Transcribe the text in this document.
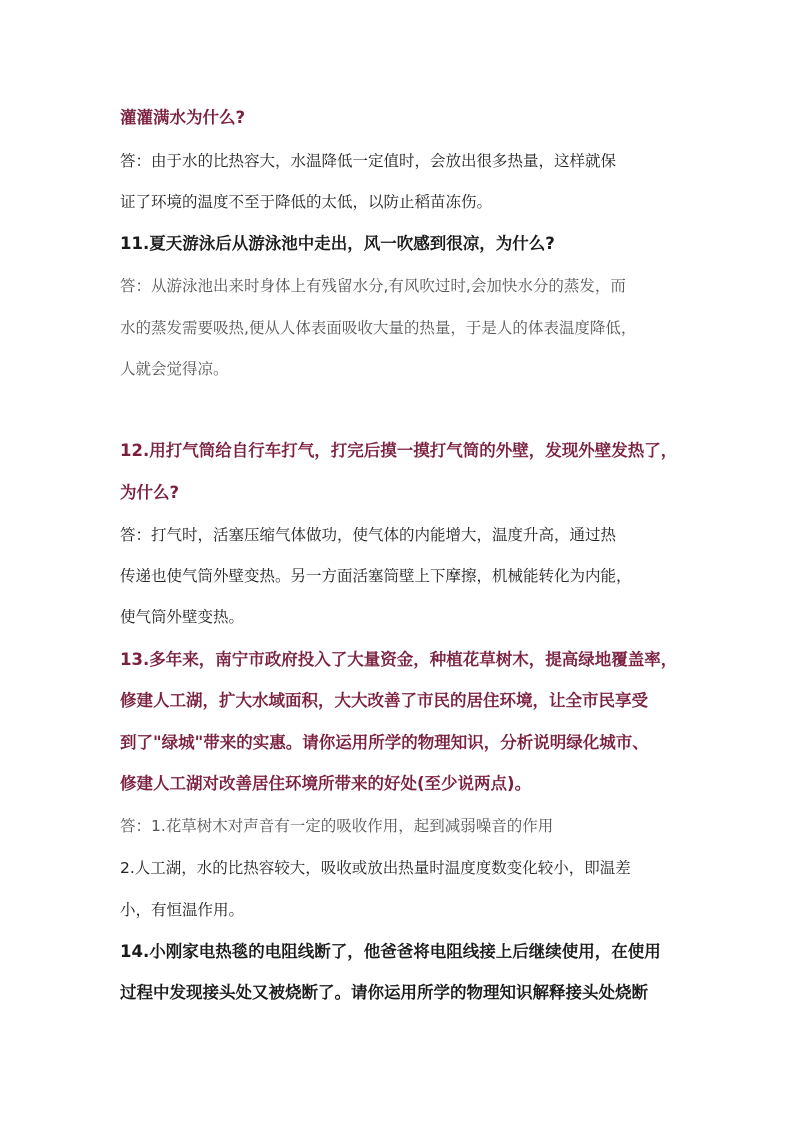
灌灌满水为什么?
答：由于水的比热容大，水温降低一定值时，会放出很多热量，这样就保
证了环境的温度不至于降低的太低，以防止稻苗冻伤。
11.夏天游泳后从游泳池中走出，风一吹感到很凉，为什么?
答：从游泳池出来时身体上有残留水分,有风吹过时,会加快水分的蒸发，而
水的蒸发需要吸热,便从人体表面吸收大量的热量，于是人的体表温度降低，
人就会觉得凉。
12.用打气筒给自行车打气，打完后摸一摸打气筒的外壁，发现外壁发热了，
为什么?
答：打气时，活塞压缩气体做功，使气体的内能增大，温度升高，通过热
传递也使气筒外壁变热。另一方面活塞筒壁上下摩擦，机械能转化为内能，
使气筒外壁变热。
13.多年来，南宁市政府投入了大量资金，种植花草树木，提高绿地覆盖率，
修建人工湖，扩大水域面积，大大改善了市民的居住环境，让全市民享受
到了"绿城"带来的实惠。请你运用所学的物理知识，分析说明绿化城市、
修建人工湖对改善居住环境所带来的好处(至少说两点)。
答：1.花草树木对声音有一定的吸收作用，起到减弱噪音的作用
2.人工湖，水的比热容较大，吸收或放出热量时温度度数变化较小，即温差
小，有恒温作用。
14.小刚家电热毯的电阻线断了，他爸爸将电阻线接上后继续使用，在使用
过程中发现接头处又被烧断了。请你运用所学的物理知识解释接头处烧断
